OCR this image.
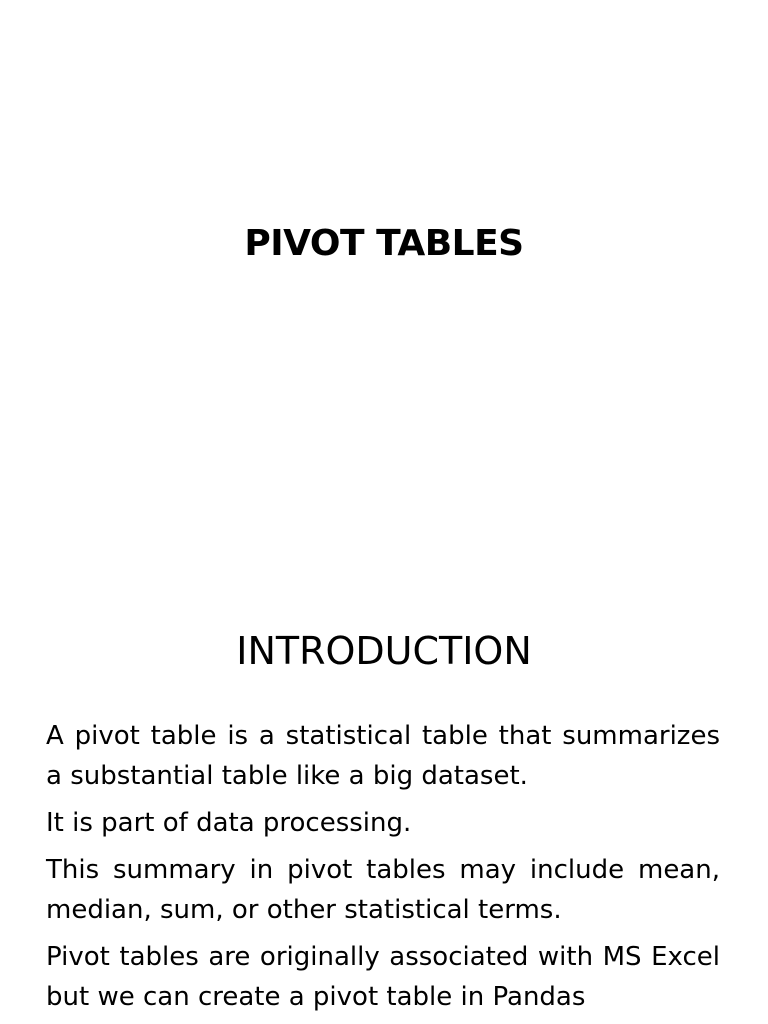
PIVOT TABLES
INTRODUCTION

A pivot table is a statistical table that summarizes a substantial table like a big dataset.

It is part of data processing.

This summary in pivot tables may include mean, median, sum, or other statistical terms.

Pivot tables are originally associated with MS Excel but we can create a pivot table in Pandas
